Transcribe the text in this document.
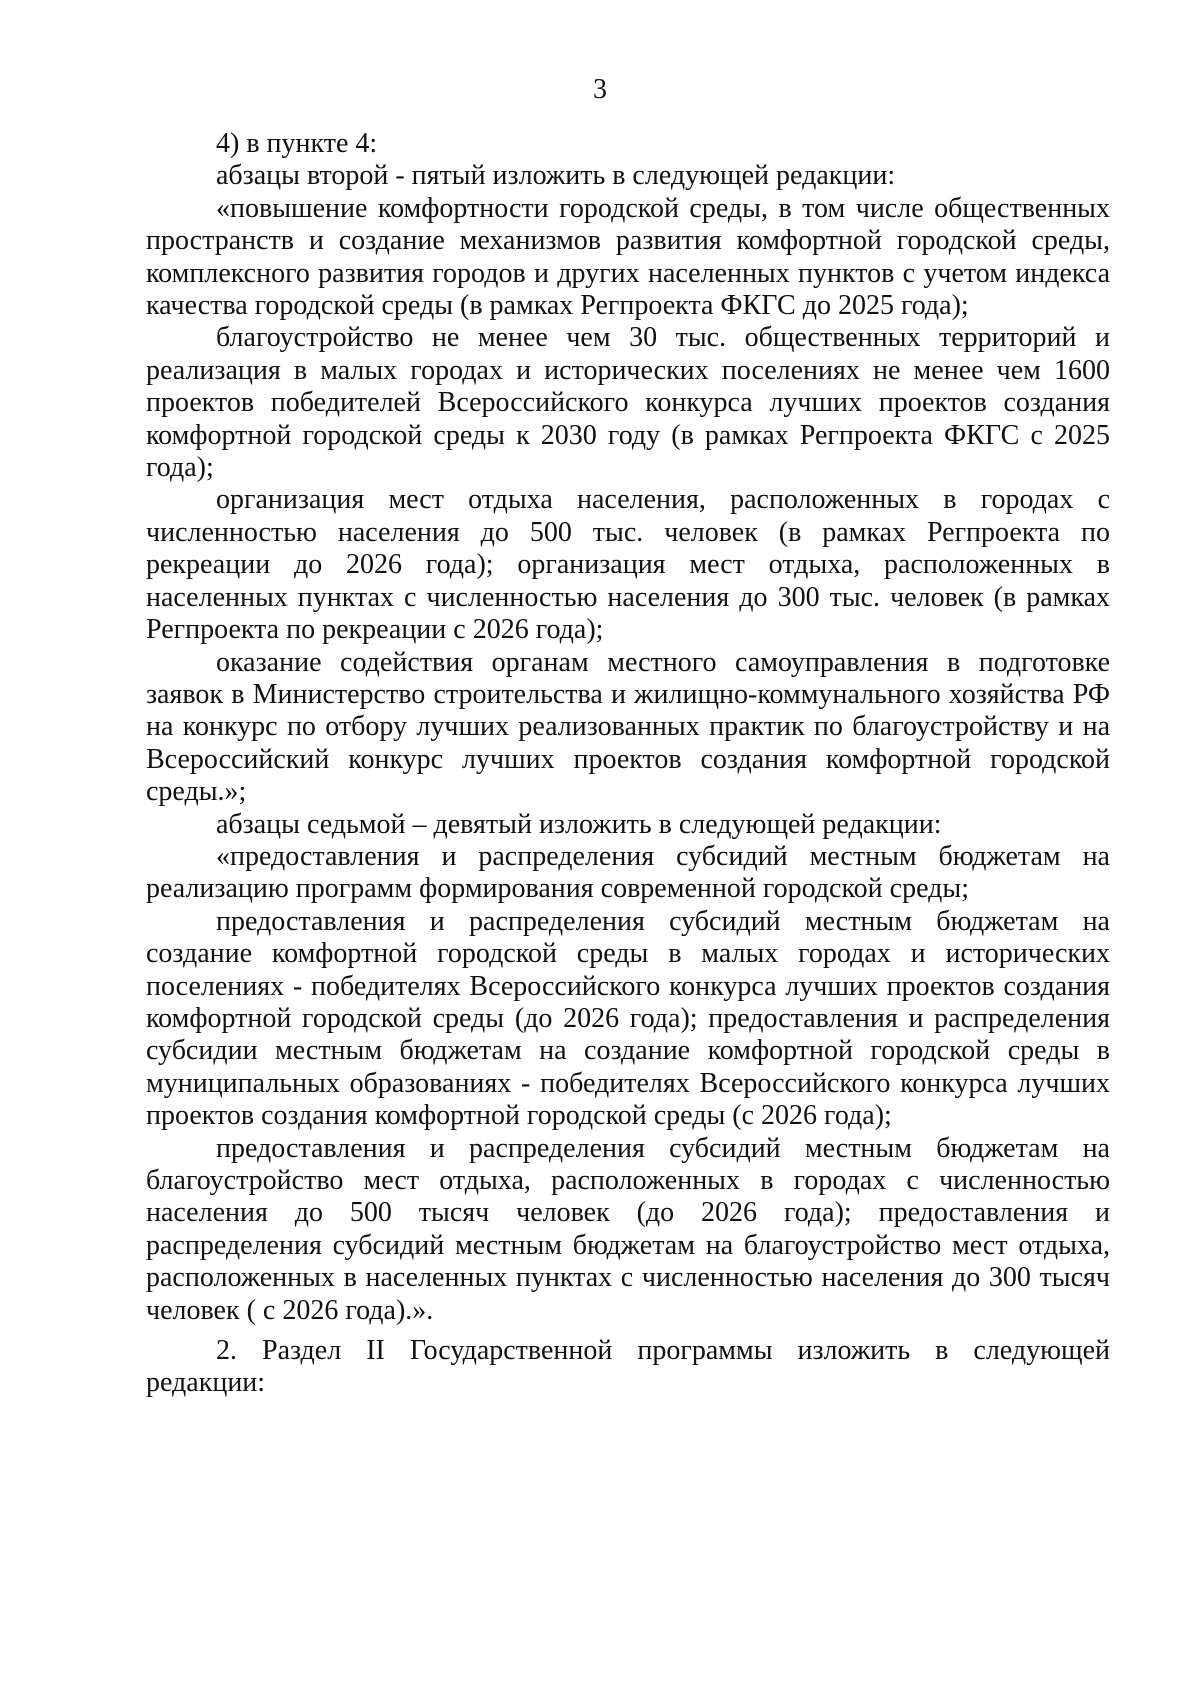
3

4) в пункте 4:

абзацы второй - пятый изложить в следующей редакции:

«повышение комфортности городской среды, в том числе общественных пространств и создание механизмов развития комфортной городской среды, комплексного развития городов и других населенных пунктов с учетом индекса качества городской среды (в рамках Регпроекта ФКГС до 2025 года);

благоустройство не менее чем 30 тыс. общественных территорий и реализация в малых городах и исторических поселениях не менее чем 1600 проектов победителей Всероссийского конкурса лучших проектов создания комфортной городской среды к 2030 году (в рамках Регпроекта ФКГС с 2025 года);

организация мест отдыха населения, расположенных в городах с численностью населения до 500 тыс. человек (в рамках Регпроекта по рекреации до 2026 года); организация мест отдыха, расположенных в населенных пунктах с численностью населения до 300 тыс. человек (в рамках Регпроекта по рекреации с 2026 года);

оказание содействия органам местного самоуправления в подготовке заявок в Министерство строительства и жилищно-коммунального хозяйства РФ на конкурс по отбору лучших реализованных практик по благоустройству и на Всероссийский конкурс лучших проектов создания комфортной городской среды.»;

абзацы седьмой – девятый изложить в следующей редакции:

«предоставления и распределения субсидий местным бюджетам на реализацию программ формирования современной городской среды;

предоставления и распределения субсидий местным бюджетам на создание комфортной городской среды в малых городах и исторических поселениях - победителях Всероссийского конкурса лучших проектов создания комфортной городской среды (до 2026 года); предоставления и распределения субсидии местным бюджетам на создание комфортной городской среды в муниципальных образованиях - победителях Всероссийского конкурса лучших проектов создания комфортной городской среды (с 2026 года);

предоставления и распределения субсидий местным бюджетам на благоустройство мест отдыха, расположенных в городах с численностью населения до 500 тысяч человек (до 2026 года); предоставления и распределения субсидий местным бюджетам на благоустройство мест отдыха, расположенных в населенных пунктах с численностью населения до 300 тысяч человек ( с 2026 года).».

2. Раздел II Государственной программы изложить в следующей редакции:
